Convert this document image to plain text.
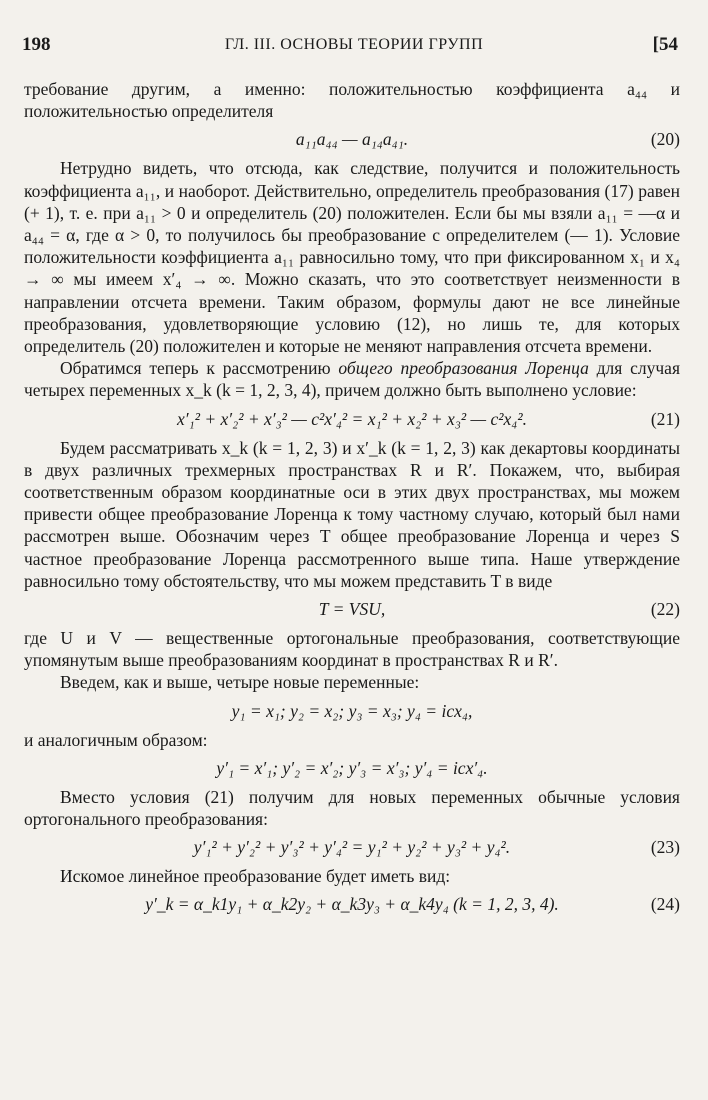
198	ГЛ. III. ОСНОВЫ ТЕОРИИ ГРУПП	[54

требование другим, а именно: положительностью коэффициента a₄₄ и положительностью определителя

a₁₁a₄₄ — a₁₄a₄₁.	(20)

Нетрудно видеть, что отсюда, как следствие, получится и положительность коэффициента a₁₁, и наоборот. Действительно, определитель преобразования (17) равен (+ 1), т. е. при a₁₁ > 0 и определитель (20) положителен. Если бы мы взяли a₁₁ = —α и a₄₄ = α, где α > 0, то получилось бы преобразование с определителем (— 1). Условие положительности коэффициента a₁₁ равносильно тому, что при фиксированном x₁ и x₄ → ∞ мы имеем x′₄ → ∞. Можно сказать, что это соответствует неизменности в направлении отсчета времени. Таким образом, формулы дают не все линейные преобразования, удовлетворяющие условию (12), но лишь те, для которых определитель (20) положителен и которые не меняют направления отсчета времени.

Обратимся теперь к рассмотрению общего преобразования Лоренца для случая четырех переменных x_k (k = 1, 2, 3, 4), причем должно быть выполнено условие:

x′₁² + x′₂² + x′₃² — c²x′₄² = x₁² + x₂² + x₃² — c²x₄².	(21)

Будем рассматривать x_k (k = 1, 2, 3) и x′_k (k = 1, 2, 3) как декартовы координаты в двух различных трехмерных пространствах R и R′. Покажем, что, выбирая соответственным образом координатные оси в этих двух пространствах, мы можем привести общее преобразование Лоренца к тому частному случаю, который был нами рассмотрен выше. Обозначим через T общее преобразование Лоренца и через S частное преобразование Лоренца рассмотренного выше типа. Наше утверждение равносильно тому обстоятельству, что мы можем представить T в виде

T = VSU,	(22)

где U и V — вещественные ортогональные преобразования, соответствующие упомянутым выше преобразованиям координат в пространствах R и R′.

Введем, как и выше, четыре новые переменные:

y₁ = x₁; y₂ = x₂; y₃ = x₃; y₄ = icx₄,

и аналогичным образом:

y′₁ = x′₁; y′₂ = x′₂; y′₃ = x′₃; y′₄ = icx′₄.

Вместо условия (21) получим для новых переменных обычные условия ортогонального преобразования:

y′₁² + y′₂² + y′₃² + y′₄² = y₁² + y₂² + y₃² + y₄².	(23)

Искомое линейное преобразование будет иметь вид:

y′_k = α_k1y₁ + α_k2y₂ + α_k3y₃ + α_k4y₄ (k = 1, 2, 3, 4).	(24)
